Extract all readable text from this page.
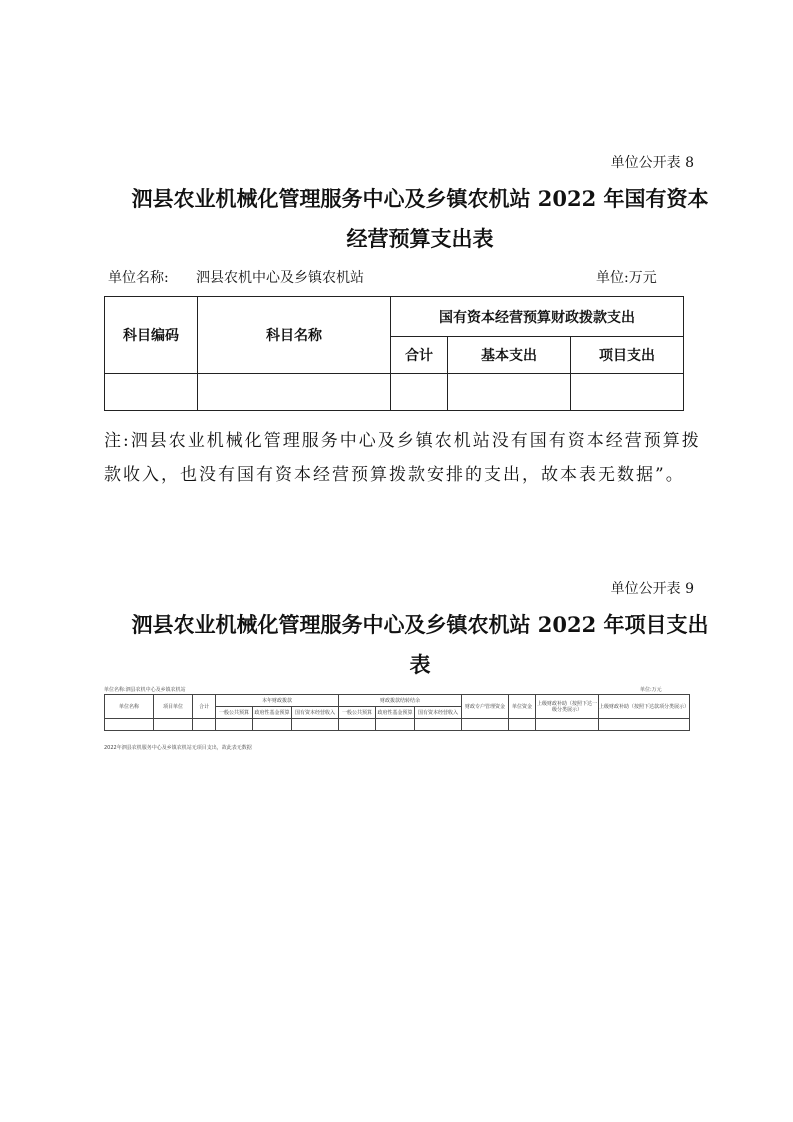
单位公开表 8
泗县农业机械化管理服务中心及乡镇农机站 2022 年国有资本
经营预算支出表
单位名称: 泗县农机中心及乡镇农机站	单位:万元
科目编码	科目名称	国有资本经营预算财政拨款支出		
		合计	基本支出	项目支出

注:泗县农业机械化管理服务中心及乡镇农机站没有国有资本经营预算拨
款收入，也没有国有资本经营预算拨款安排的支出，故本表无数据”。
单位公开表 9
泗县农业机械化管理服务中心及乡镇农机站 2022 年项目支出
表
单位名称:泗县农机中心及乡镇农机站	单位:万元
单位名称	项目单位	合计	本年财政拨款			财政拨款结转结余			财政专户管理资金	单位资金	上级财政补助（按照下达一级分类展示）	上级财政补助（按照下达款项分类展示）
			一般公共预算	政府性基金预算	国有资本经营收入	一般公共预算	政府性基金预算	国有资本经营收入				

2022年泗县农机服务中心及乡镇农机站无项目支出，故此表无数据
